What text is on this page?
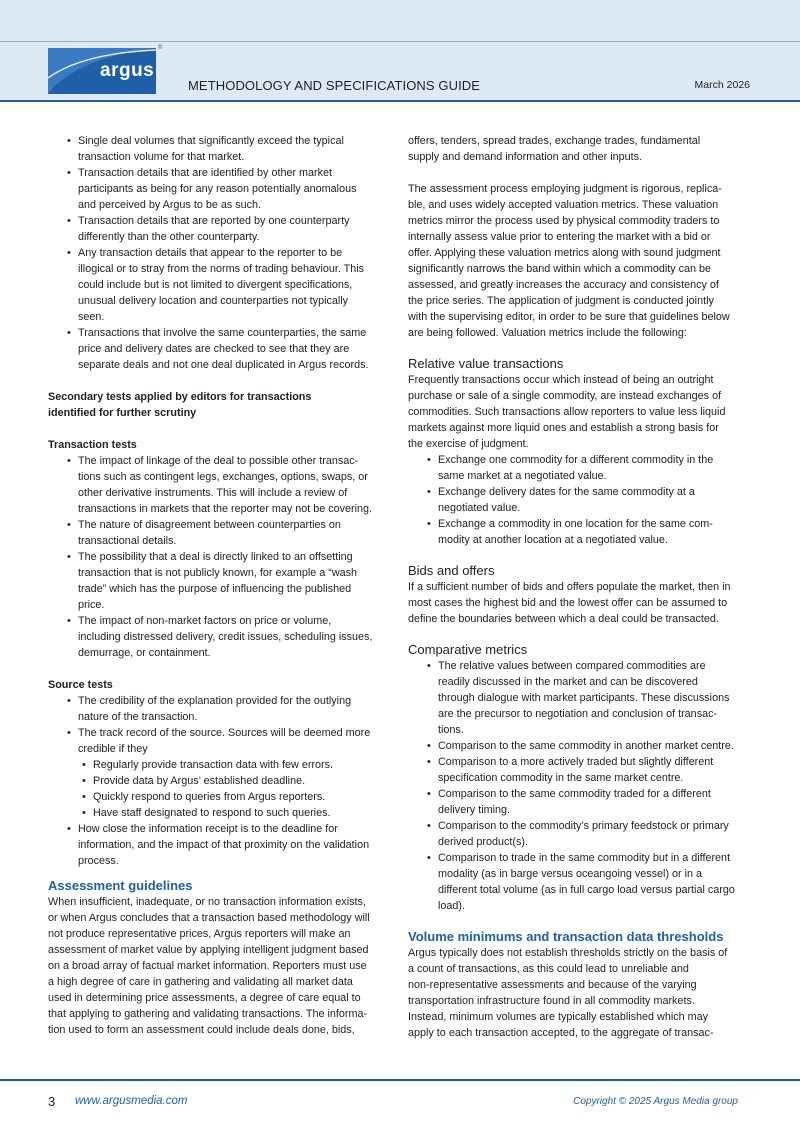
argus
®
METHODOLOGY AND SPECIFICATIONS GUIDE	March 2026
• Single deal volumes that significantly exceed the typical
transaction volume for that market.
• Transaction details that are identified by other market
participants as being for any reason potentially anomalous
and perceived by Argus to be as such.
• Transaction details that are reported by one counterparty
differently than the other counterparty.
• Any transaction details that appear to the reporter to be
illogical or to stray from the norms of trading behaviour. This
could include but is not limited to divergent specifications,
unusual delivery location and counterparties not typically
seen.
• Transactions that involve the same counterparties, the same
price and delivery dates are checked to see that they are
separate deals and not one deal duplicated in Argus records.

Secondary tests applied by editors for transactions
identified for further scrutiny

Transaction tests

• The impact of linkage of the deal to possible other transac-
tions such as contingent legs, exchanges, options, swaps, or
other derivative instruments. This will include a review of
transactions in markets that the reporter may not be covering.
• The nature of disagreement between counterparties on
transactional details.
• The possibility that a deal is directly linked to an offsetting
transaction that is not publicly known, for example a “wash
trade” which has the purpose of influencing the published
price.
• The impact of non-market factors on price or volume,
including distressed delivery, credit issues, scheduling issues,
demurrage, or containment.

Source tests

• The credibility of the explanation provided for the outlying
nature of the transaction.
• The track record of the source. Sources will be deemed more
credible if they
• Regularly provide transaction data with few errors.
• Provide data by Argus’ established deadline.
• Quickly respond to queries from Argus reporters.
• Have staff designated to respond to such queries.
• How close the information receipt is to the deadline for
information, and the impact of that proximity on the validation
process.

Assessment guidelines

When insufficient, inadequate, or no transaction information exists,
or when Argus concludes that a transaction based methodology will
not produce representative prices, Argus reporters will make an
assessment of market value by applying intelligent judgment based
on a broad array of factual market information. Reporters must use
a high degree of care in gathering and validating all market data
used in determining price assessments, a degree of care equal to
that applying to gathering and validating transactions. The informa-
tion used to form an assessment could include deals done, bids,

offers, tenders, spread trades, exchange trades, fundamental
supply and demand information and other inputs.

The assessment process employing judgment is rigorous, replica-
ble, and uses widely accepted valuation metrics. These valuation
metrics mirror the process used by physical commodity traders to
internally assess value prior to entering the market with a bid or
offer. Applying these valuation metrics along with sound judgment
significantly narrows the band within which a commodity can be
assessed, and greatly increases the accuracy and consistency of
the price series. The application of judgment is conducted jointly
with the supervising editor, in order to be sure that guidelines below
are being followed. Valuation metrics include the following:

Relative value transactions

Frequently transactions occur which instead of being an outright
purchase or sale of a single commodity, are instead exchanges of
commodities. Such transactions allow reporters to value less liquid
markets against more liquid ones and establish a strong basis for
the exercise of judgment.

• Exchange one commodity for a different commodity in the
same market at a negotiated value.
• Exchange delivery dates for the same commodity at a
negotiated value.
• Exchange a commodity in one location for the same com-
modity at another location at a negotiated value.

Bids and offers

If a sufficient number of bids and offers populate the market, then in
most cases the highest bid and the lowest offer can be assumed to
define the boundaries between which a deal could be transacted.

Comparative metrics

• The relative values between compared commodities are
readily discussed in the market and can be discovered
through dialogue with market participants. These discussions
are the precursor to negotiation and conclusion of transac-
tions.
• Comparison to the same commodity in another market centre.
• Comparison to a more actively traded but slightly different
specification commodity in the same market centre.
• Comparison to the same commodity traded for a different
delivery timing.
• Comparison to the commodity’s primary feedstock or primary
derived product(s).
• Comparison to trade in the same commodity but in a different
modality (as in barge versus oceangoing vessel) or in a
different total volume (as in full cargo load versus partial cargo
load).

Volume minimums and transaction data thresholds

Argus typically does not establish thresholds strictly on the basis of
a count of transactions, as this could lead to unreliable and
non-representative assessments and because of the varying
transportation infrastructure found in all commodity markets.
Instead, minimum volumes are typically established which may
apply to each transaction accepted, to the aggregate of transac-

3 www.argusmedia.com	Copyright © 2025 Argus Media group
